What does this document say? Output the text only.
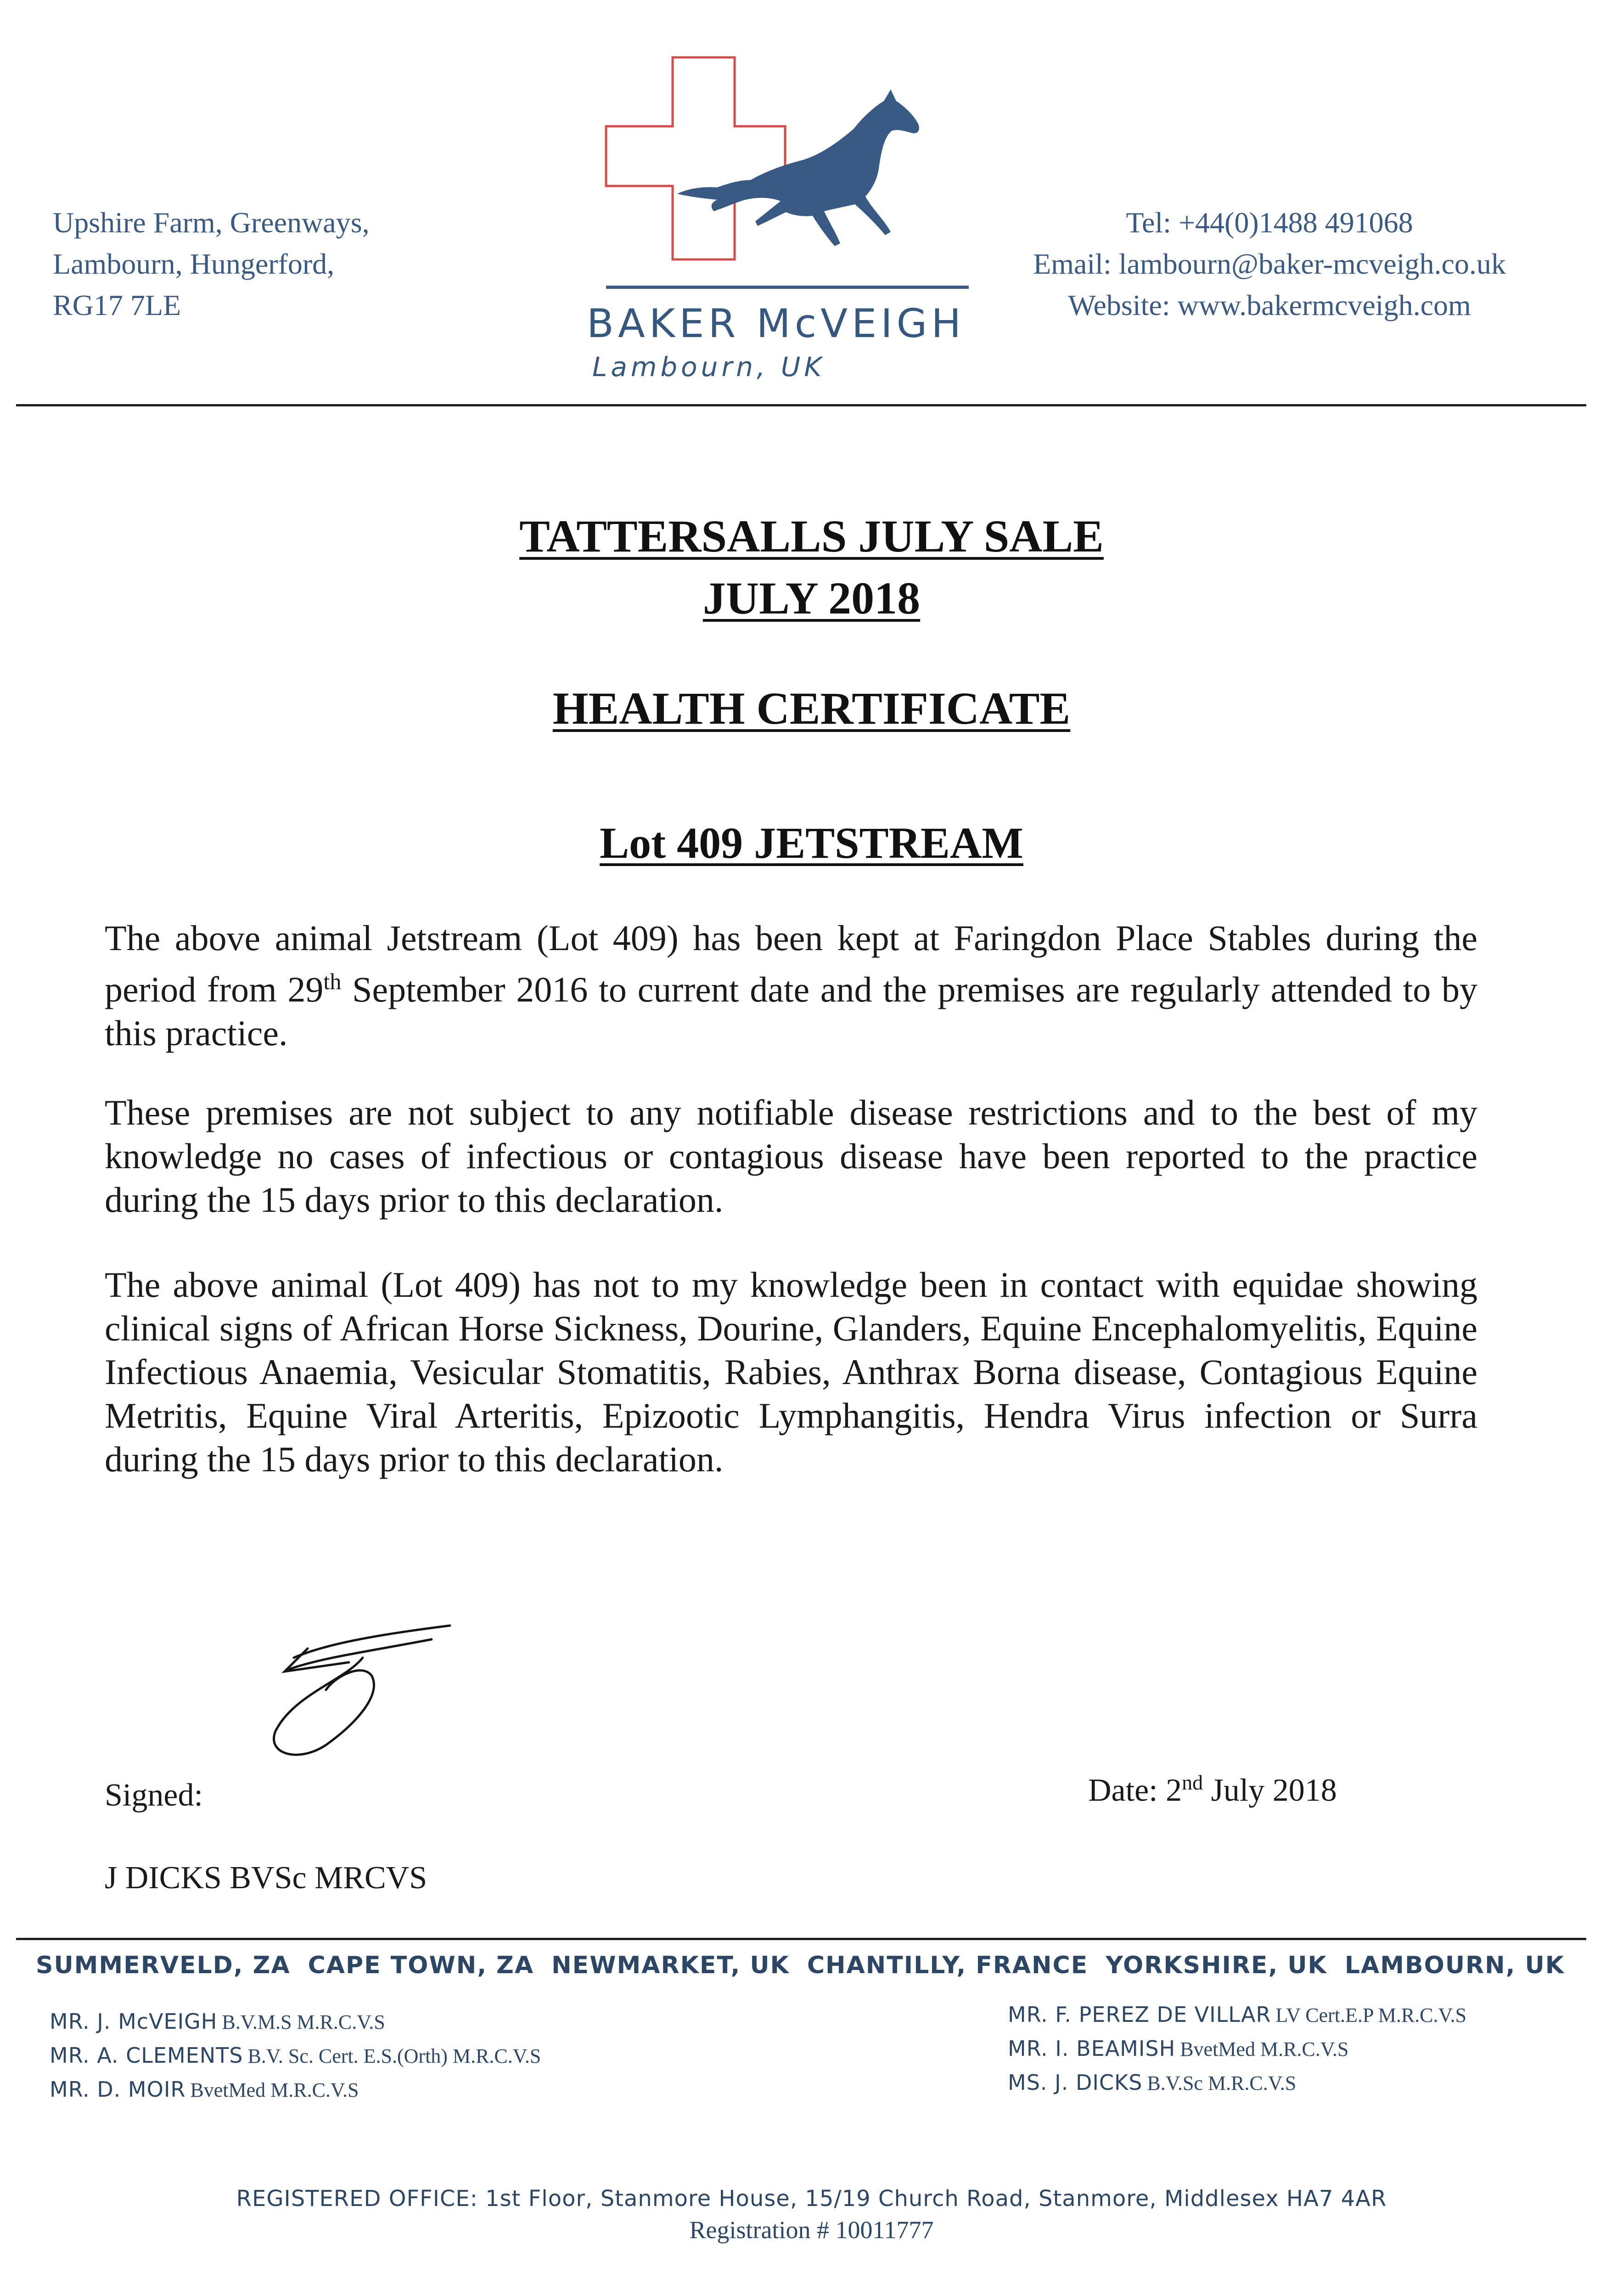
Upshire Farm, Greenways,
Lambourn, Hungerford,
RG17 7LE	BAKER McVEIGH
Lambourn, UK
Tel: +44(0)1488 491068
Email: lambourn@baker-mcveigh.co.uk
Website: www.bakermcveigh.com
TATTERSALLS JULY SALE
JULY 2018
HEALTH CERTIFICATE
Lot 409 JETSTREAM
The above animal Jetstream (Lot 409) has been kept at Faringdon Place Stables during the period from 29th September 2016 to current date and the premises are regularly attended to by this practice.
These premises are not subject to any notifiable disease restrictions and to the best of my knowledge no cases of infectious or contagious disease have been reported to the practice during the 15 days prior to this declaration.
The above animal (Lot 409) has not to my knowledge been in contact with equidae showing clinical signs of African Horse Sickness, Dourine, Glanders, Equine Encephalomyelitis, Equine Infectious Anaemia, Vesicular Stomatitis, Rabies, Anthrax Borna disease, Contagious Equine Metritis, Equine Viral Arteritis, Epizootic Lymphangitis, Hendra Virus infection or Surra during the 15 days prior to this declaration.
Signed:	Date: 2nd July 2018
J DICKS BVSc MRCVS
SUMMERVELD, ZA CAPE TOWN, ZA NEWMARKET, UK CHANTILLY, FRANCE YORKSHIRE, UK LAMBOURN, UK
MR. J. McVEIGH B.V.M.S M.R.C.V.S
MR. A. CLEMENTS B.V. Sc. Cert. E.S.(Orth) M.R.C.V.S
MR. D. MOIR BvetMed M.R.C.V.S
MR. F. PEREZ DE VILLAR LV Cert.E.P M.R.C.V.S
MR. I. BEAMISH BvetMed M.R.C.V.S
MS. J. DICKS B.V.Sc M.R.C.V.S
REGISTERED OFFICE: 1st Floor, Stanmore House, 15/19 Church Road, Stanmore, Middlesex HA7 4AR
Registration # 10011777
